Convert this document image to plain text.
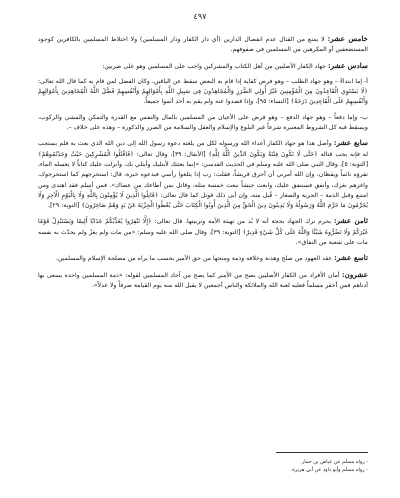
٤٩٧

خامس عشر: لا يمنع من القتال عدم انفصال الدارين (أي دار الكفار ودار المسلمين) ولا اختلاط المسلمين بالكافرين كوجود المستضعفين أو المكرهين من المسلمين في صفوفهم.

سادس عشر: جهاد الكفار الأصليين من أهل الكتاب والمشركين واجب على المسلمين وهو على ضربين:

أ- إما ابتداءً – وهو جهاد الطلب – وهو فرض كفاية إذا قام به البعض سقط عن الباقين، وكان الفضل لمن قام به كما قال الله تعالى: ﴿لَا يَسْتَوِي الْقَاعِدُونَ مِنَ الْمُؤْمِنِينَ غَيْرُ أُولِي الضَّرَرِ وَالْمُجَاهِدُونَ فِي سَبِيلِ اللَّهِ بِأَمْوَالِهِمْ وَأَنْفُسِهِمْ فَضَّلَ اللَّهُ الْمُجَاهِدِينَ بِأَمْوَالِهِمْ وَأَنْفُسِهِمْ عَلَى الْقَاعِدِينَ دَرَجَةً﴾ [النساء: ٩٥]، وإذا قصدوا عنه ولم يقم به أحد أثموا جميعاً.

ب- وإما دفعاً – وهو جهاد الدفع – وهو فرض على الأعيان من المسلمين بالمال والنفس مع القدرة والتمكن والمشي والركوب، ويسقط فيه كل الشروط المعتبرة شرعاً غير البلوغ والإسلام والعقل والسلامة من الضرر والذكورة – وهذه على خلاف –.

سابع عشر: وأصل هذا هو جهاد الكفار أعداء الله ورسوله لكل من بلغته دعوة رسول الله إلى دين الله الذي بعث به فلم يستجب له فإنه يجب قتاله ﴿حَتَّى لَا تَكُونَ فِتْنَةٌ وَيَكُونَ الدِّينُ كُلُّهُ لِلَّهِ﴾ [الأنفال: ٣٩]، وقال تعالى: ﴿فَاقْتُلُوا الْمُشْرِكِينَ حَيْثُ وَجَدْتُمُوهُمْ﴾ [التوبة: ٥]، وقال النبي صلى الله عليه وسلم في الحديث القدسي: «إنما بعثتك لأبتليك وأبتلي بك، وأنزلت عليك كتاباً لا يغسله الماء، تقرؤه نائماً ويقظان، وإن الله أمرني أن أحرق قريشاً، فقلت: رب إذا يثلغوا رأسي فيدعوه خبزة، قال: استخرجهم كما استخرجوك، واغزهم نغزك، وأنفق فسننفق عليك، وابعث جيشاً نبعث خمسة مثله، وقاتل بمن أطاعك من عصاك». فمن أسلم فقد اهتدى ومن امتنع وقبل الذمة – الجزية والصغار – قُبل منه، وإن أبى ذلك قوتل كما قال تعالى: ﴿قَاتِلُوا الَّذِينَ لَا يُؤْمِنُونَ بِاللَّهِ وَلَا بِالْيَوْمِ الْآخِرِ وَلَا يُحَرِّمُونَ مَا حَرَّمَ اللَّهُ وَرَسُولُهُ وَلَا يَدِينُونَ دِينَ الْحَقِّ مِنَ الَّذِينَ أُوتُوا الْكِتَابَ حَتَّى يُعْطُوا الْجِزْيَةَ عَنْ يَدٍ وَهُمْ صَاغِرُونَ﴾ [التوبة: ٢٩].

ثامن عشر: يحرم ترك الجهاد بحجة أنه لا بُد من تهيئة الأمة وتربيتها. قال تعالى: ﴿إِلَّا تَنْفِرُوا يُعَذِّبْكُمْ عَذَابًا أَلِيمًا وَيَسْتَبْدِلْ قَوْمًا غَيْرَكُمْ وَلَا تَضُرُّوهُ شَيْئًا وَاللَّهُ عَلَى كُلِّ شَيْءٍ قَدِيرٌ﴾ [التوبة: ٣٩]، وقال صلى الله عليه وسلم: «من مات ولم يغزُ ولم يحدّث به نفسه مات على شعبة من النفاق».

تاسع عشر: عقد العهود من صلح وهدنة وخلافه وذمة ومنحها من حق الأمير بحسب ما يراه من مصلحة الإسلام والمسلمين.

عشرون: أمان الأفراد من الكفار الأصليين يصح من الأمير كما يصح من آحاد المسلمين لقوله: «ذمة المسلمين واحدة يسعى بها أدناهم فمن أخفر مسلماً فعليه لعنة الله والملائكة والناس أجمعين لا يقبل الله منه يوم القيامة صرفاً ولا عدلاً».

- رواه مسلم عن عياض بن حمار.
- رواه مسلم وأبو داود عن أبي هريرة.
